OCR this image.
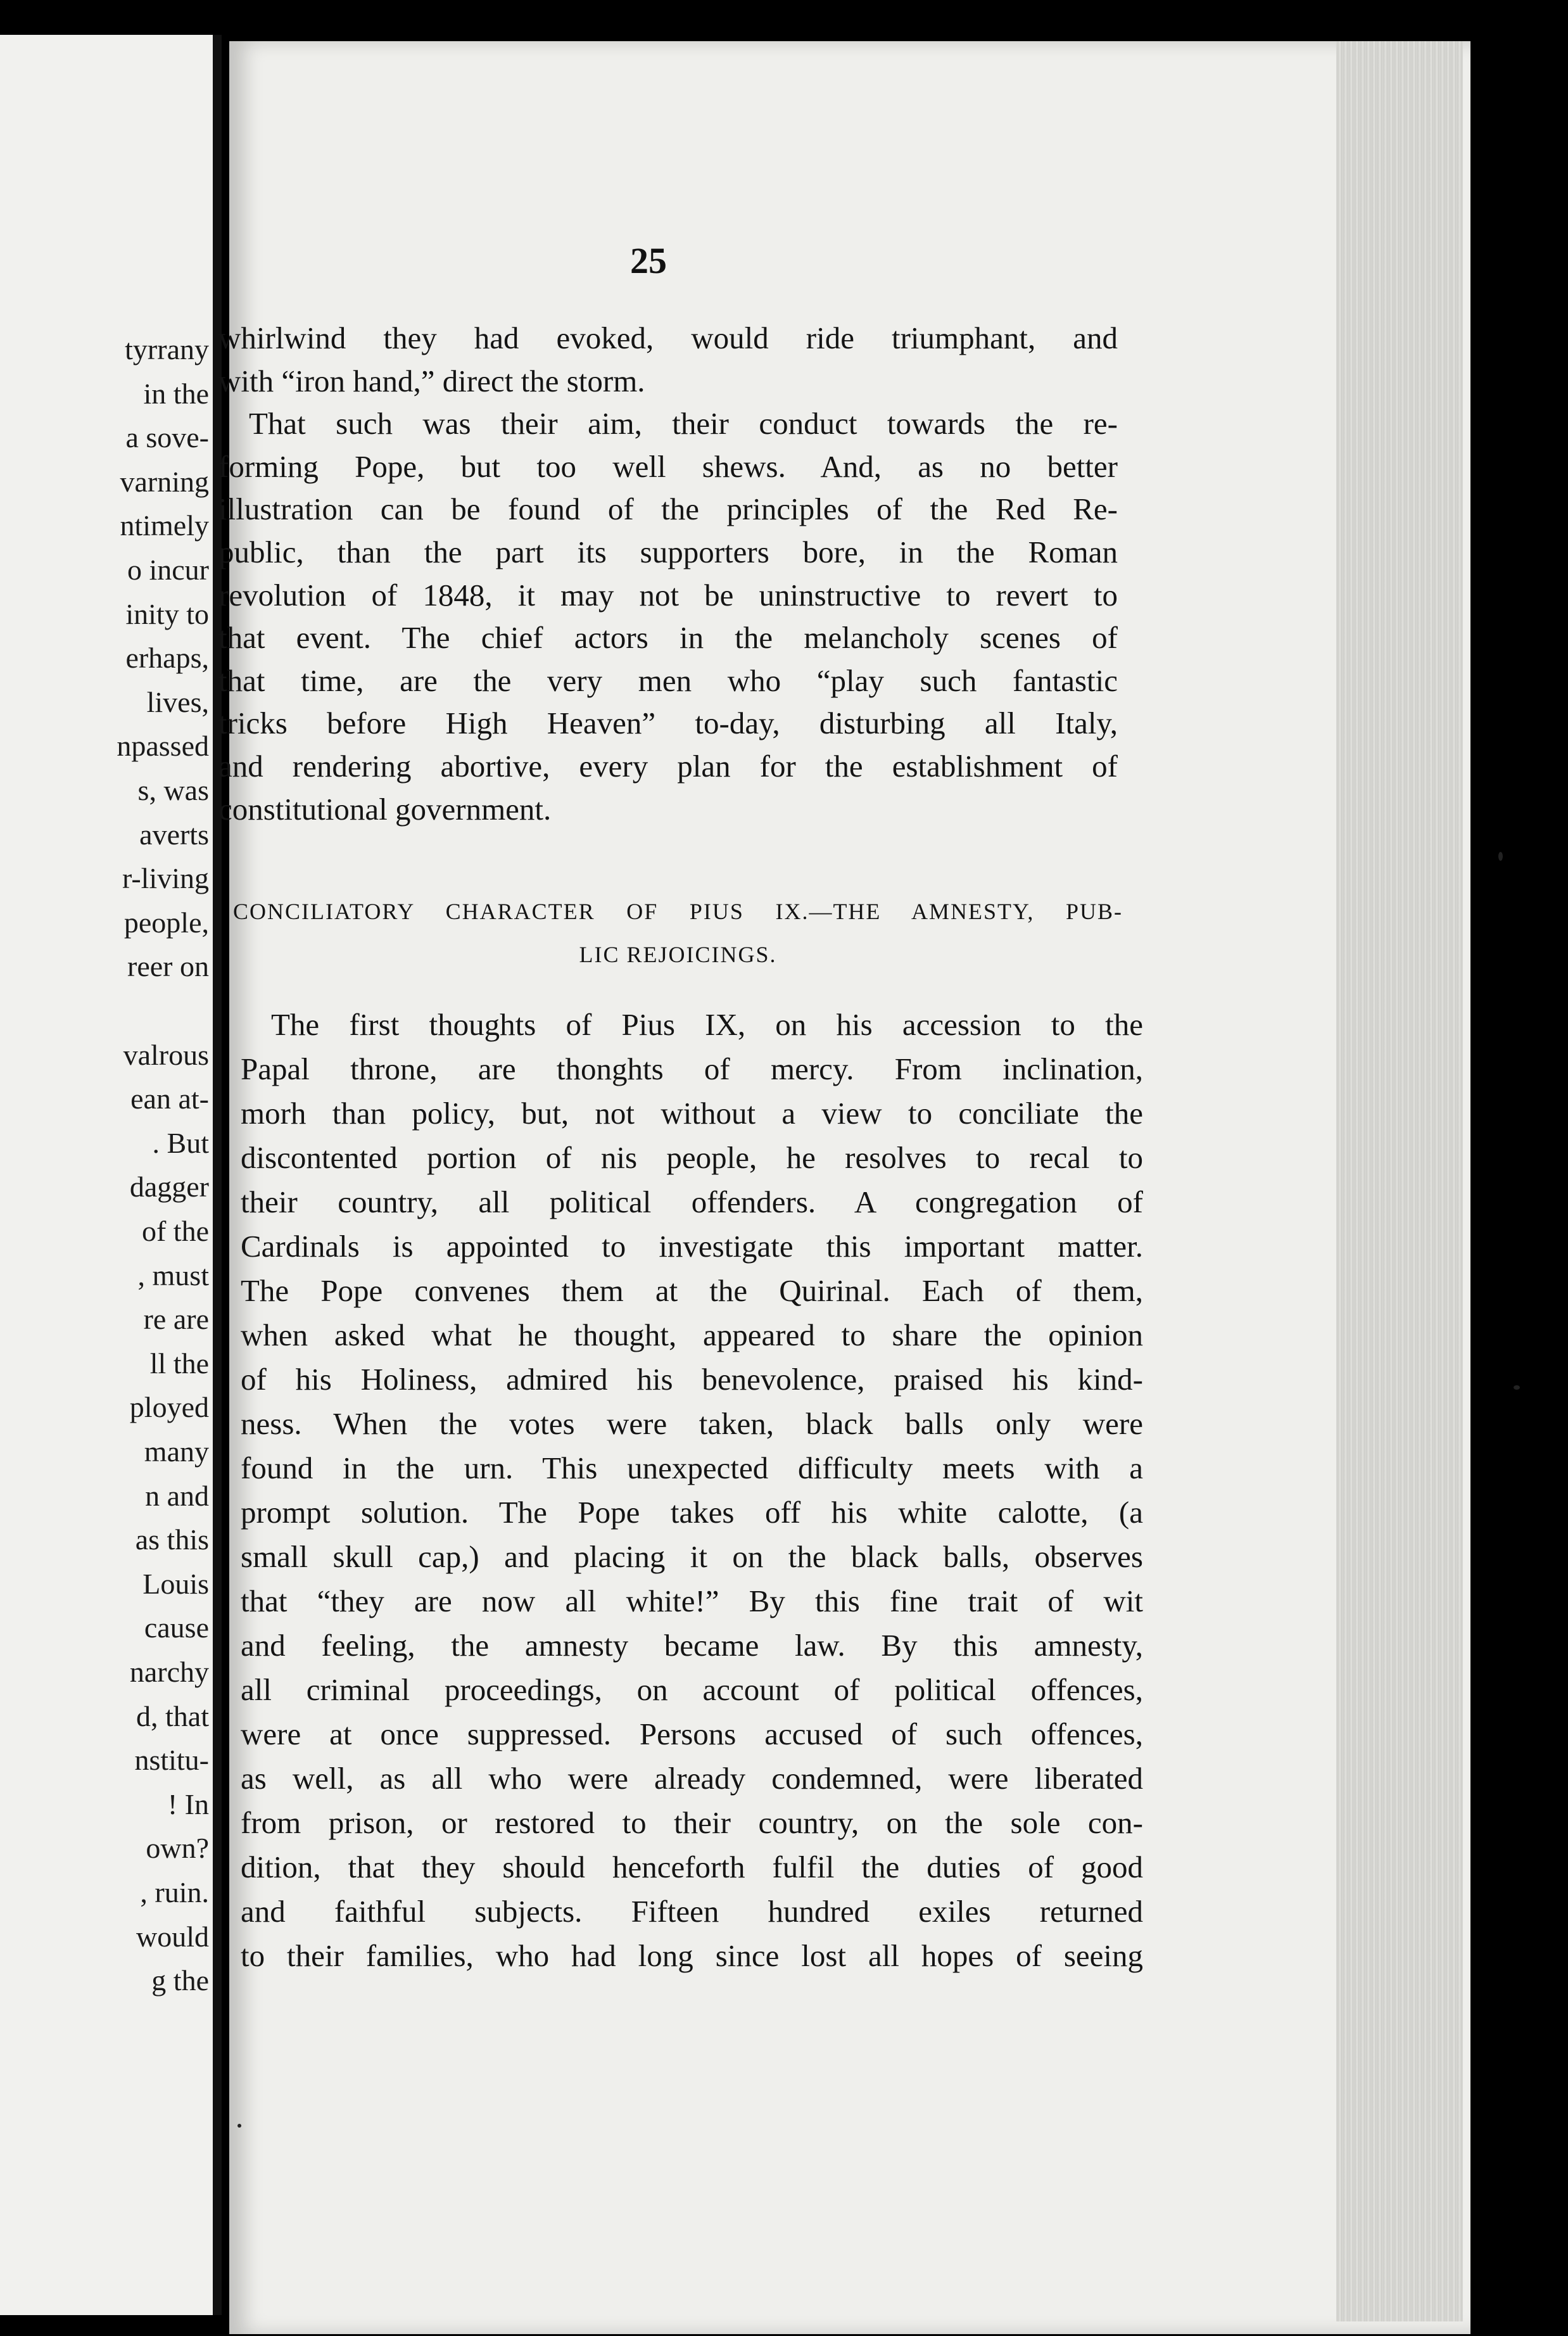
tyrrany
in the
a sove-
varning
ntimely
o incur
inity to
erhaps,
lives,
npassed
s, was
averts
r-living
people,
reer on
valrous
ean at-
. But
dagger
of the
, must
re are
ll the
ployed
many
n and
as this
Louis
cause
narchy
d, that
nstitu-
! In
own?
, ruin.
would
g the
25
whirlwind they had evoked, would ride triumphant, and
with “iron hand,” direct the storm.
That such was their aim, their conduct towards the re-
forming Pope, but too well shews. And, as no better
illustration can be found of the principles of the Red Re-
public, than the part its supporters bore, in the Roman
revolution of 1848, it may not be uninstructive to revert to
that event. The chief actors in the melancholy scenes of
that time, are the very men who “play such fantastic
tricks before High Heaven” to-day, disturbing all Italy,
and rendering abortive, every plan for the establishment of
constitutional government.
CONCILIATORY CHARACTER OF PIUS IX.—THE AMNESTY, PUB-
LIC REJOICINGS.
The first thoughts of Pius IX, on his accession to the
Papal throne, are thonghts of mercy. From inclination,
morh than policy, but, not without a view to conciliate the
discontented portion of nis people, he resolves to recal to
their country, all political offenders. A congregation of
Cardinals is appointed to investigate this important matter.
The Pope convenes them at the Quirinal. Each of them,
when asked what he thought, appeared to share the opinion
of his Holiness, admired his benevolence, praised his kind-
ness. When the votes were taken, black balls only were
found in the urn. This unexpected difficulty meets with a
prompt solution. The Pope takes off his white calotte, (a
small skull cap,) and placing it on the black balls, observes
that “they are now all white!” By this fine trait of wit
and feeling, the amnesty became law. By this amnesty,
all criminal proceedings, on account of political offences,
were at once suppressed. Persons accused of such offences,
as well, as all who were already condemned, were liberated
from prison, or restored to their country, on the sole con-
dition, that they should henceforth fulfil the duties of good
and faithful subjects. Fifteen hundred exiles returned
to their families, who had long since lost all hopes of seeing
